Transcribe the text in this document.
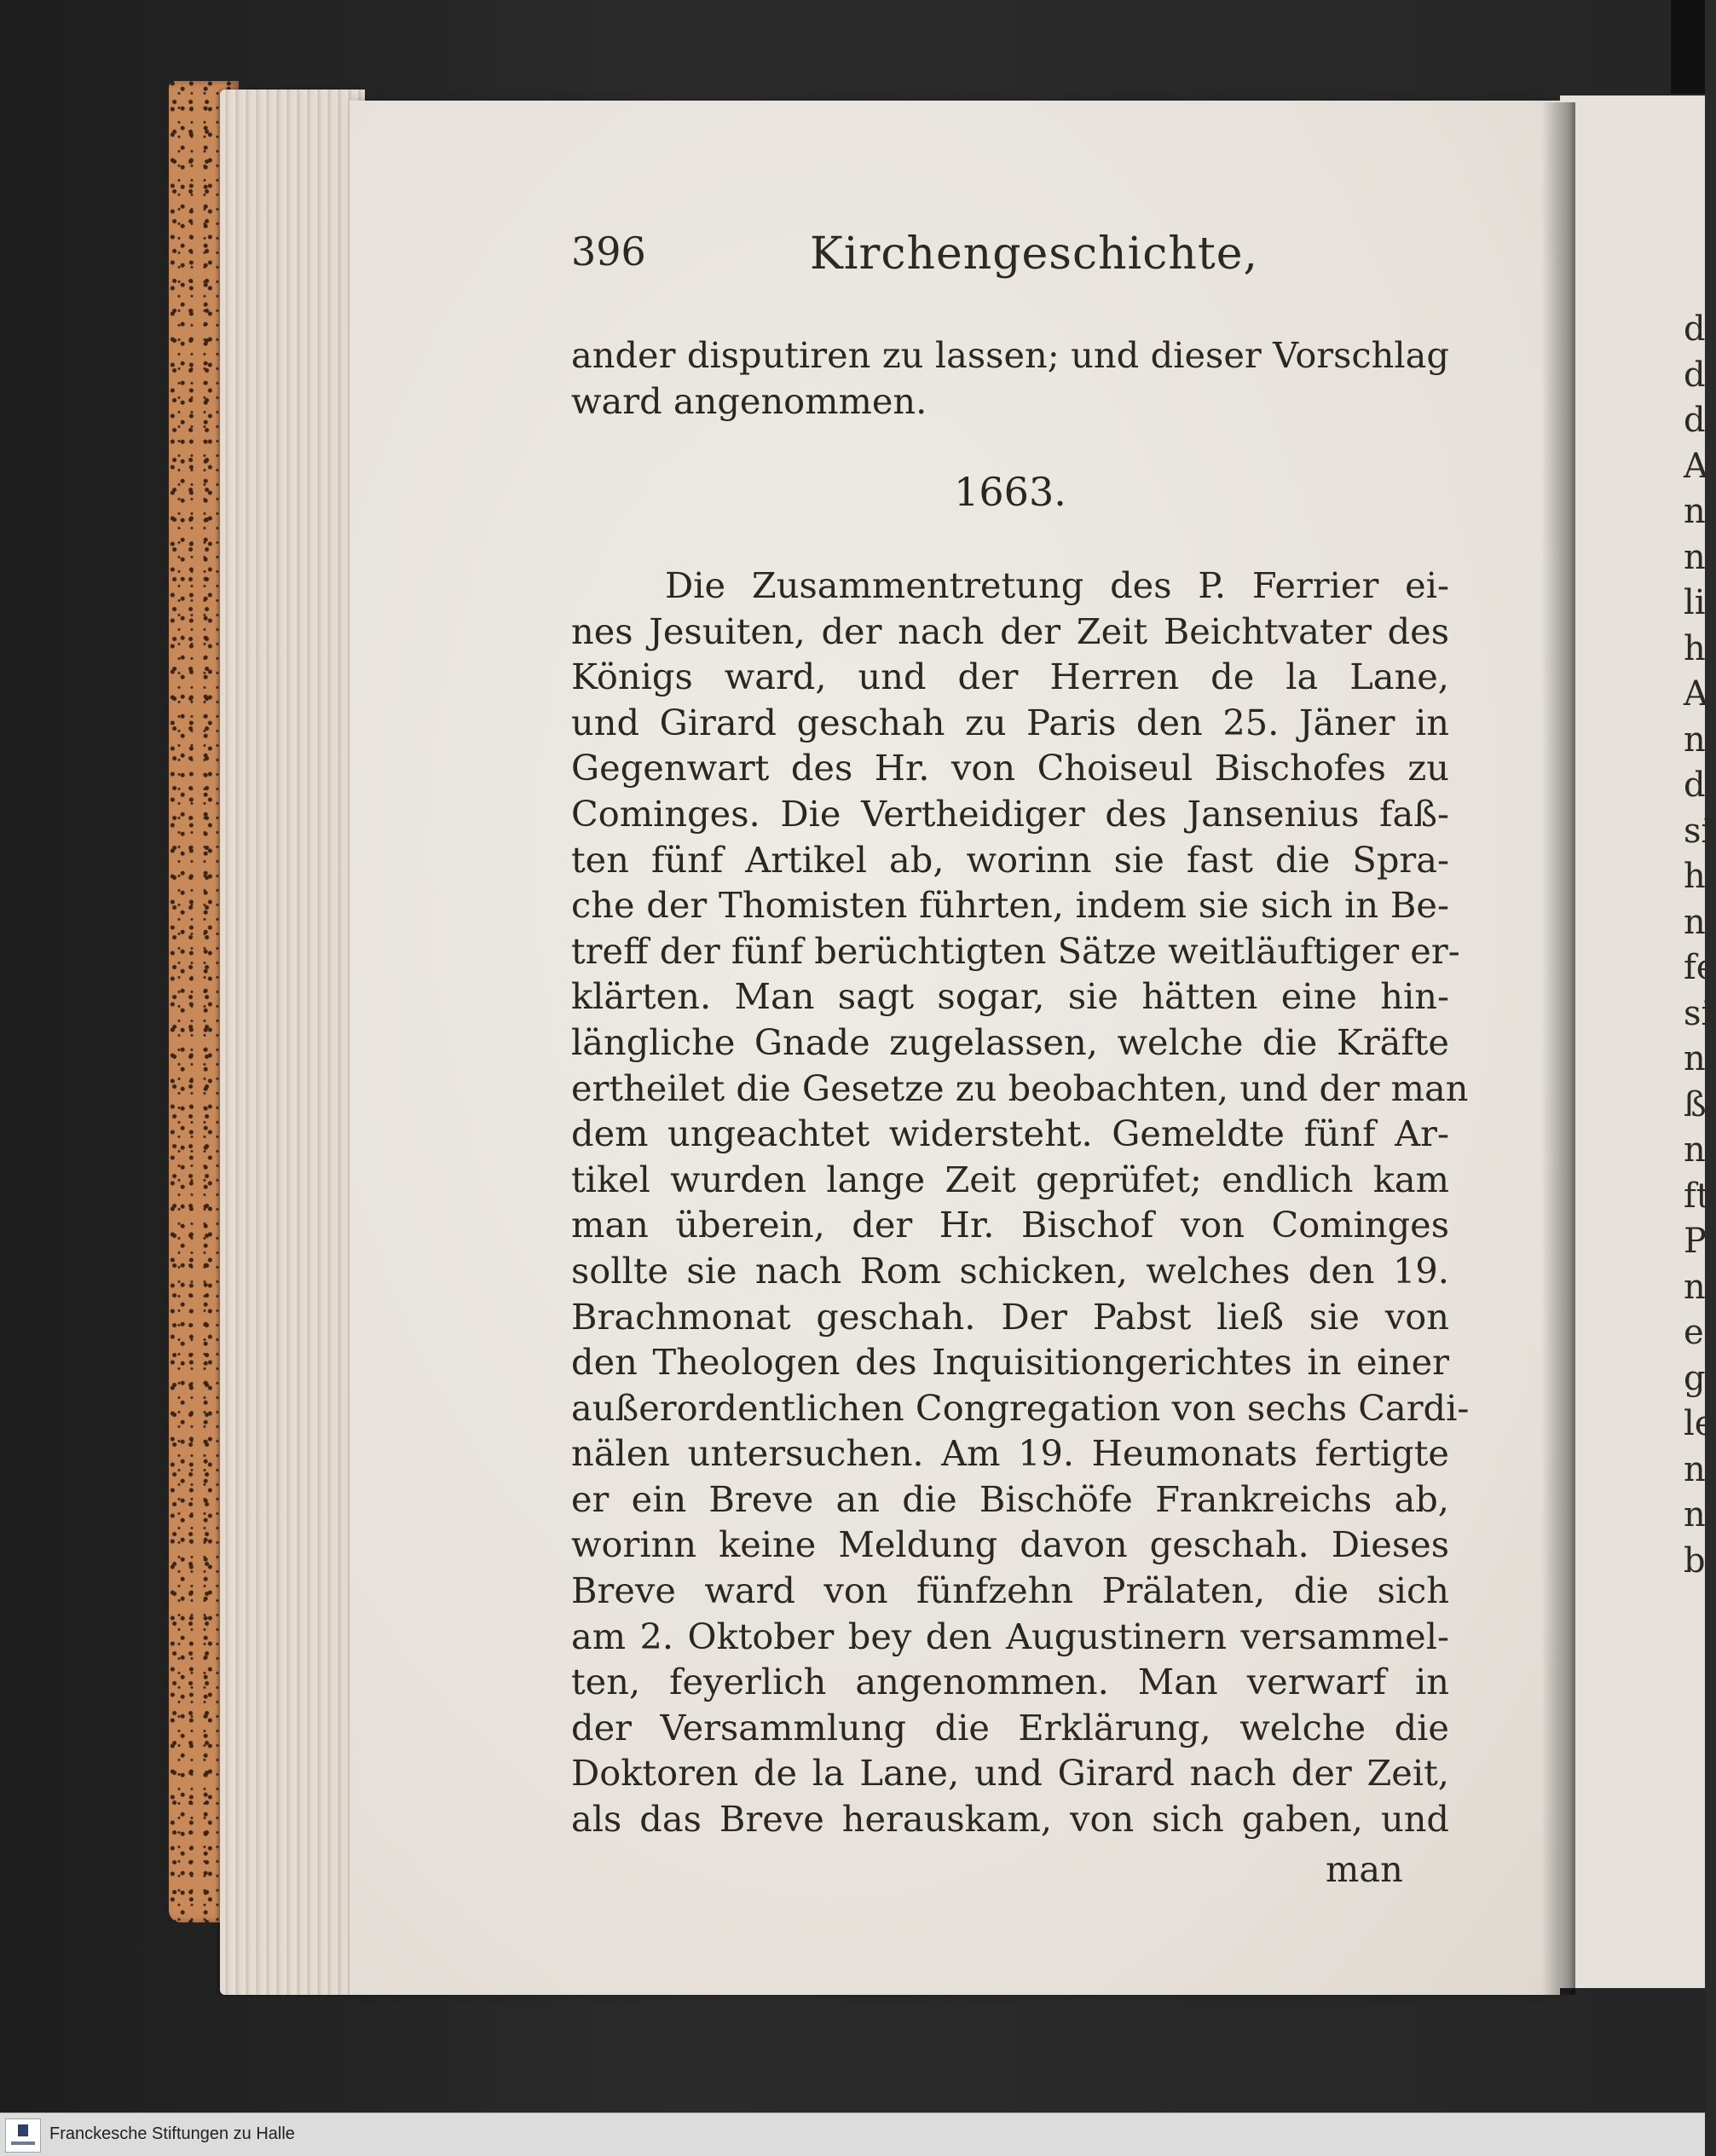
d
d
d
A
n
n
li
h
A
n
d
si
h
n
fe
si
n
ß
n
ft
P
n
ei
g
le
n
n
b
396	Kirchengeschichte,
ander disputiren zu lassen; und dieser Vorschlag
ward angenommen.
1663.
Die Zusammentretung des P. Ferrier ei-
nes Jesuiten, der nach der Zeit Beichtvater des
Königs ward, und der Herren de la Lane,
und Girard geschah zu Paris den 25. Jäner in
Gegenwart des Hr. von Choiseul Bischofes zu
Cominges. Die Vertheidiger des Jansenius faß-
ten fünf Artikel ab, worinn sie fast die Spra-
che der Thomisten führten, indem sie sich in Be-
treff der fünf berüchtigten Sätze weitläuftiger er-
klärten. Man sagt sogar, sie hätten eine hin-
längliche Gnade zugelassen, welche die Kräfte
ertheilet die Gesetze zu beobachten, und der man
dem ungeachtet widersteht. Gemeldte fünf Ar-
tikel wurden lange Zeit geprüfet; endlich kam
man überein, der Hr. Bischof von Cominges
sollte sie nach Rom schicken, welches den 19.
Brachmonat geschah. Der Pabst ließ sie von
den Theologen des Inquisitiongerichtes in einer
außerordentlichen Congregation von sechs Cardi-
nälen untersuchen. Am 19. Heumonats fertigte
er ein Breve an die Bischöfe Frankreichs ab,
worinn keine Meldung davon geschah. Dieses
Breve ward von fünfzehn Prälaten, die sich
am 2. Oktober bey den Augustinern versammel-
ten, feyerlich angenommen. Man verwarf in
der Versammlung die Erklärung, welche die
Doktoren de la Lane, und Girard nach der Zeit,
als das Breve herauskam, von sich gaben, und
man
Franckesche Stiftungen zu Halle
